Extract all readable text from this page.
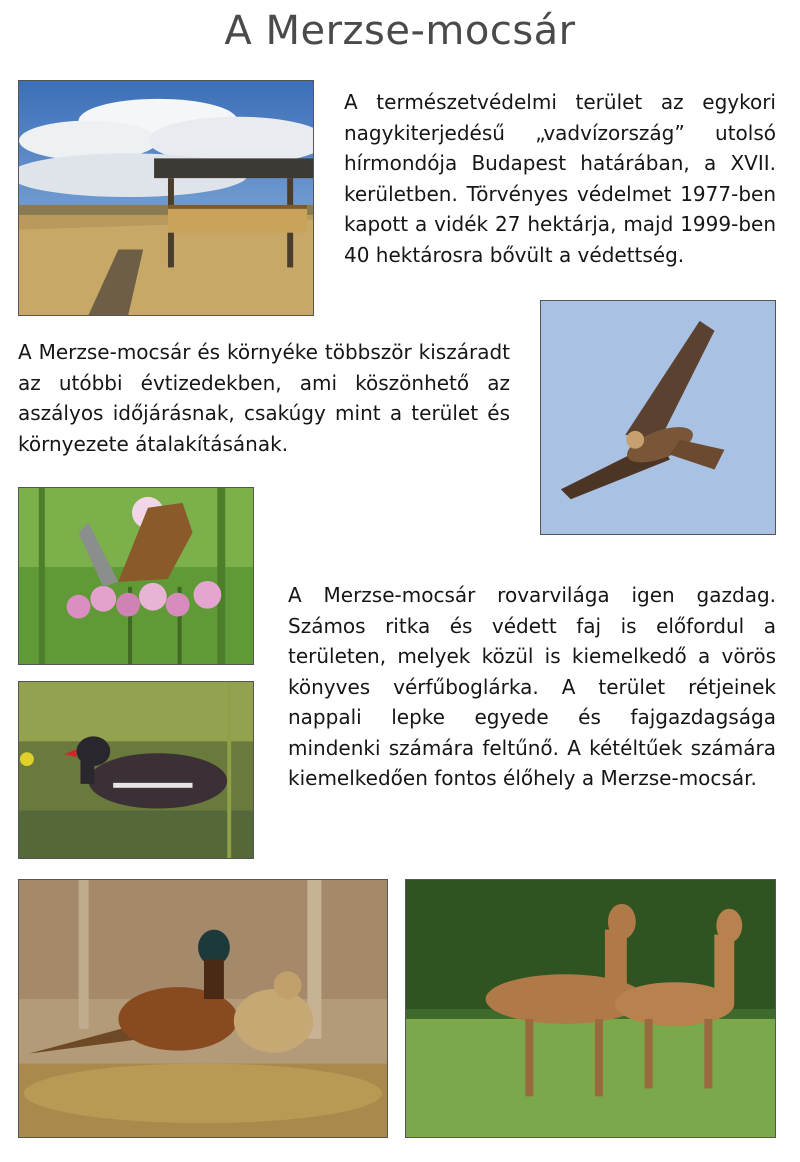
A Merzse-mocsár

A természetvédelmi terület az egykori nagykiterjedésű „vadvízország” utolsó hírmondója Budapest határában, a XVII. kerületben. Törvényes védelmet 1977-ben kapott a vidék 27 hektárja, majd 1999-ben 40 hektárosra bővült a védettség.

A Merzse-mocsár és környéke többször kiszáradt az utóbbi évtizedekben, ami köszönhető az aszályos időjárásnak, csakúgy mint a terület és környezete átalakításának.

A Merzse-mocsár rovarvilága igen gazdag. Számos ritka és védett faj is előfordul a területen, melyek közül is kiemelkedő a vörös könyves vérfűboglárka. A terület rétjeinek nappali lepke egyede és fajgazdagsága mindenki számára feltűnő. A kétéltűek számára kiemelkedően fontos élőhely a Merzse-mocsár.
